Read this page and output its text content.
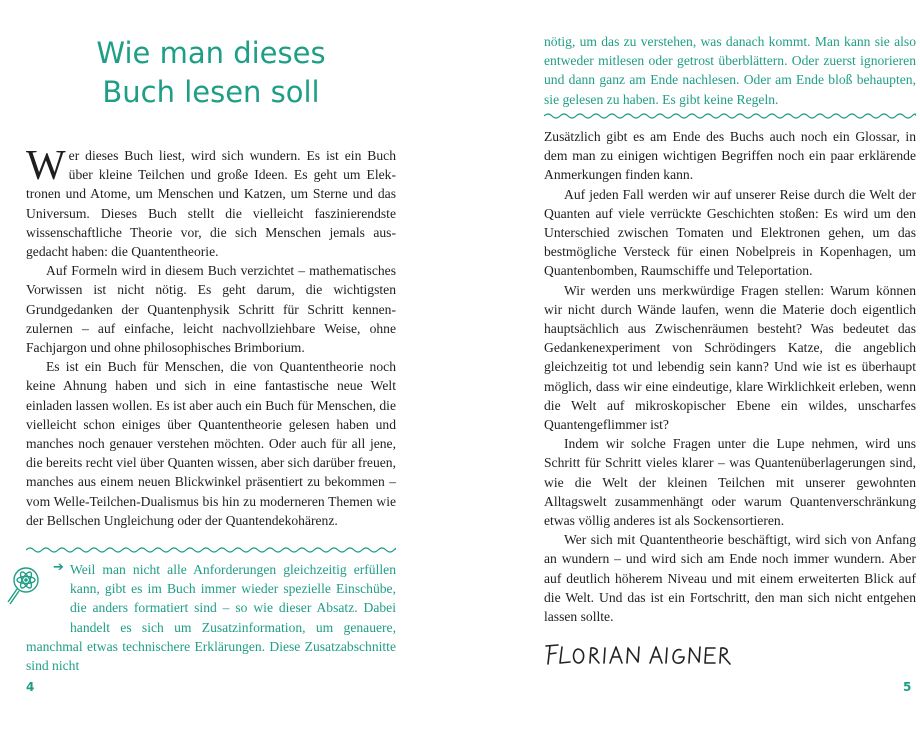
Wie man dieses
Buch lesen soll

Wer dieses Buch liest, wird sich wundern. Es ist ein Buch über kleine Teilchen und große Ideen. Es geht um Elektronen und Atome, um Menschen und Katzen, um Sterne und das Universum. Dieses Buch stellt die vielleicht faszinierendste wissenschaftliche Theorie vor, die sich Menschen jemals ausgedacht haben: die Quantentheorie.

Auf Formeln wird in diesem Buch verzichtet – mathematisches Vorwissen ist nicht nötig. Es geht darum, die wichtigsten Grundgedanken der Quantenphysik Schritt für Schritt kennenzulernen – auf einfache, leicht nachvollziehbare Weise, ohne Fachjargon und ohne philosophisches Brimborium.

Es ist ein Buch für Menschen, die von Quantentheorie noch keine Ahnung haben und sich in eine fantastische neue Welt einladen lassen wollen. Es ist aber auch ein Buch für Menschen, die vielleicht schon einiges über Quantentheorie gelesen haben und manches noch genauer verstehen möchten. Oder auch für all jene, die bereits recht viel über Quanten wissen, aber sich darüber freuen, manches aus einem neuen Blickwinkel präsentiert zu bekommen – vom Welle-Teilchen-Dualismus bis hin zu moderneren Themen wie der Bellschen Ungleichung oder der Quantendekohärenz.

➔ Weil man nicht alle Anforderungen gleichzeitig erfüllen kann, gibt es im Buch immer wieder spezielle Einschübe, die anders formatiert sind – so wie dieser Absatz. Dabei handelt es sich um Zusatzinformation, um genauere, manchmal etwas technischere Erklärungen. Diese Zusatzabschnitte sind nicht
4

nötig, um das zu verstehen, was danach kommt. Man kann sie also entweder mitlesen oder getrost überblättern. Oder zuerst ignorieren und dann ganz am Ende nachlesen. Oder am Ende bloß behaupten, sie gelesen zu haben. Es gibt keine Regeln.

Zusätzlich gibt es am Ende des Buchs auch noch ein Glossar, in dem man zu einigen wichtigen Begriffen noch ein paar erklärende Anmerkungen finden kann.

Auf jeden Fall werden wir auf unserer Reise durch die Welt der Quanten auf viele verrückte Geschichten stoßen: Es wird um den Unterschied zwischen Tomaten und Elektronen gehen, um das bestmögliche Versteck für einen Nobelpreis in Kopenhagen, um Quantenbomben, Raumschiffe und Teleportation.

Wir werden uns merkwürdige Fragen stellen: Warum können wir nicht durch Wände laufen, wenn die Materie doch eigentlich hauptsächlich aus Zwischenräumen besteht? Was bedeutet das Gedankenexperiment von Schrödingers Katze, die angeblich gleichzeitig tot und lebendig sein kann? Und wie ist es überhaupt möglich, dass wir eine eindeutige, klare Wirklichkeit erleben, wenn die Welt auf mikroskopischer Ebene ein wildes, unscharfes Quantengeflimmer ist?

Indem wir solche Fragen unter die Lupe nehmen, wird uns Schritt für Schritt vieles klarer – was Quantenüberlagerungen sind, wie die Welt der kleinen Teilchen mit unserer gewohnten Alltagswelt zusammenhängt oder warum Quantenverschränkung etwas völlig anderes ist als Sockensortieren.

Wer sich mit Quantentheorie beschäftigt, wird sich von Anfang an wundern – und wird sich am Ende noch immer wundern. Aber auf deutlich höherem Niveau und mit einem erweiterten Blick auf die Welt. Und das ist ein Fortschritt, den man sich nicht entgehen lassen sollte.

5
